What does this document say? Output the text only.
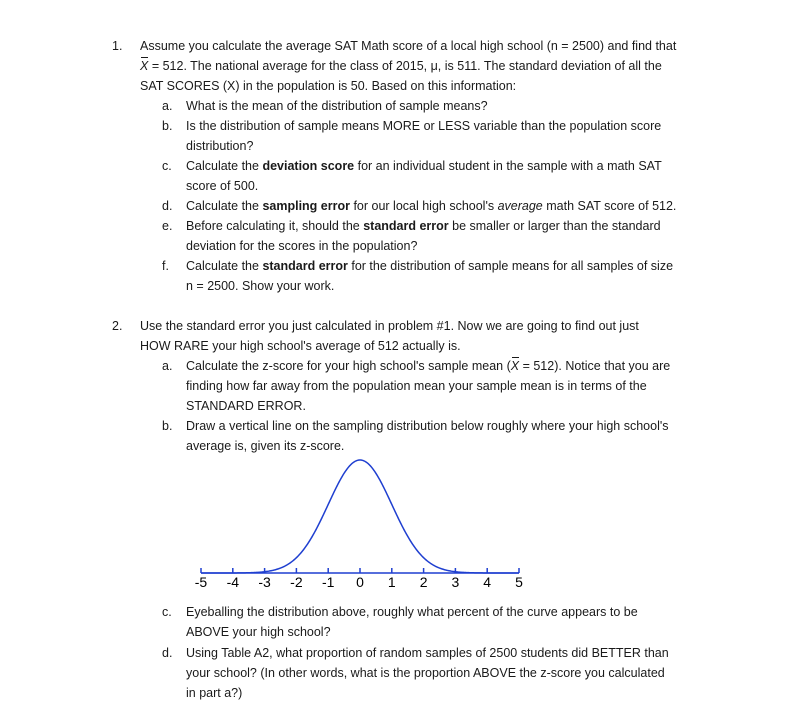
1. Assume you calculate the average SAT Math score of a local high school (n = 2500) and find that
X = 512. The national average for the class of 2015, μ, is 511. The standard deviation of all the
SAT SCORES (X) in the population is 50. Based on this information:
a. What is the mean of the distribution of sample means?
b. Is the distribution of sample means MORE or LESS variable than the population score
distribution?
c. Calculate the deviation score for an individual student in the sample with a math SAT
score of 500.
d. Calculate the sampling error for our local high school's average math SAT score of 512.
e. Before calculating it, should the standard error be smaller or larger than the standard
deviation for the scores in the population?
f. Calculate the standard error for the distribution of sample means for all samples of size
n = 2500. Show your work.
2. Use the standard error you just calculated in problem #1. Now we are going to find out just
HOW RARE your high school's average of 512 actually is.
a. Calculate the z-score for your high school's sample mean (X = 512). Notice that you are
finding how far away from the population mean your sample mean is in terms of the
STANDARD ERROR.
b. Draw a vertical line on the sampling distribution below roughly where your high school's
average is, given its z-score.
-5 -4 -3 -2 -1 0 1 2 3 4 5
c. Eyeballing the distribution above, roughly what percent of the curve appears to be
ABOVE your high school?
d. Using Table A2, what proportion of random samples of 2500 students did BETTER than
your school? (In other words, what is the proportion ABOVE the z-score you calculated
in part a?)
